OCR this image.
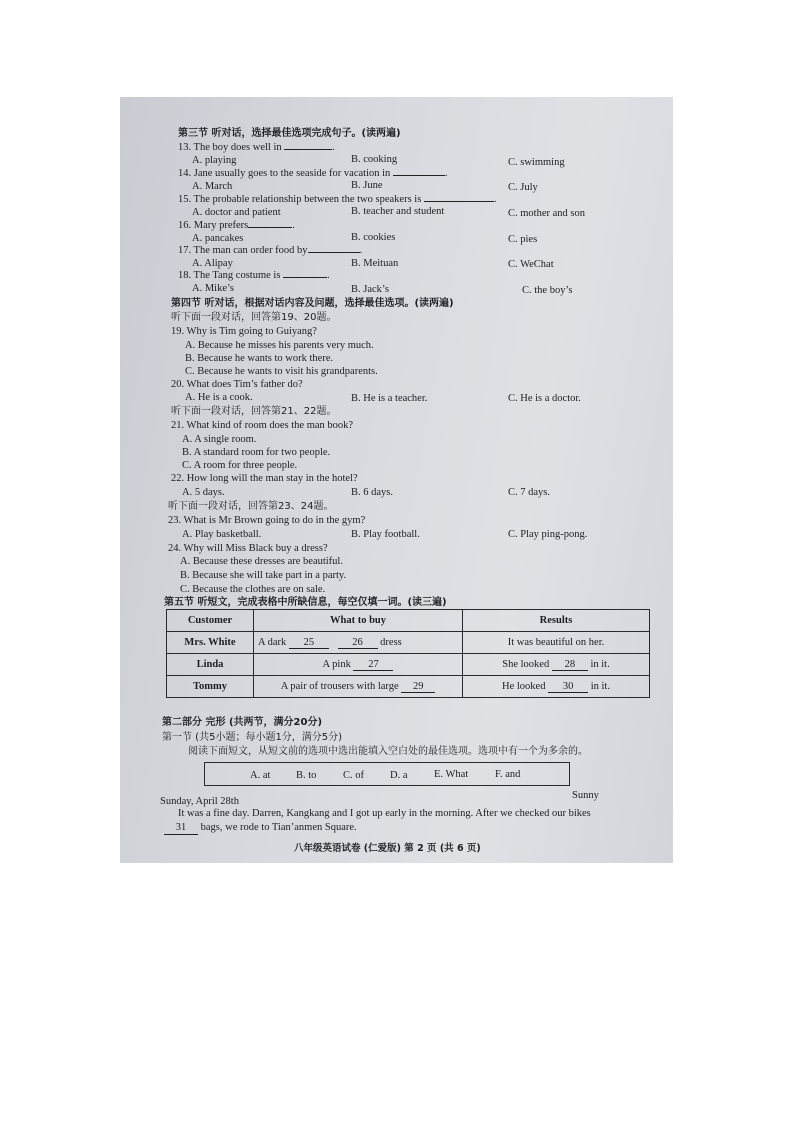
第三节 听对话，选择最佳选项完成句子。(读两遍)
13. The boy does well in	.
A. playing	B. cooking	C. swimming
14. Jane usually goes to the seaside for vacation in	.
A. March	B. June	C. July
15. The probable relationship between the two speakers is	.
A. doctor and patient	B. teacher and student	C. mother and son
16. Mary prefers	.
A. pancakes	B. cookies	C. pies
17. The man can order food by	.
A. Alipay	B. Meituan	C. WeChat
18. The Tang costume is	.
A. Mike’s	B. Jack’s	C. the boy’s
第四节 听对话，根据对话内容及问题，选择最佳选项。(读两遍)
听下面一段对话，回答第19、20题。
19. Why is Tim going to Guiyang?
A. Because he misses his parents very much.
B. Because he wants to work there.
C. Because he wants to visit his grandparents.
20. What does Tim’s father do?
A. He is a cook.	B. He is a teacher.	C. He is a doctor.
听下面一段对话，回答第21、22题。
21. What kind of room does the man book?
A. A single room.
B. A standard room for two people.
C. A room for three people.
22. How long will the man stay in the hotel?
A. 5 days.	B. 6 days.	C. 7 days.
听下面一段对话，回答第23、24题。
23. What is Mr Brown going to do in the gym?
A. Play basketball.	B. Play football.	C. Play ping-pong.
24. Why will Miss Black buy a dress?
A. Because these dresses are beautiful.
B. Because she will take part in a party.
C. Because the clothes are on sale.
第五节 听短文，完成表格中所缺信息，每空仅填一词。(读三遍)
Customer	What to buy	Results
Mrs. White	A dark 25 26 dress	It was beautiful on her.
Linda	A pink 27	She looked 28 in it.
Tommy	A pair of trousers with large 29	He looked 30 in it.
第二部分 完形 (共两节，满分20分)
第一节 (共5小题；每小题1分，满分5分)
阅读下面短文，从短文前的选项中选出能填入空白处的最佳选项。选项中有一个为多余的。
A. at B. to	C. of D. a	E. What	F. and
Sunny
Sunday, April 28th
It was a fine day. Darren, Kangkang and I got up early in the morning. After we checked our bikes
31 bags, we rode to Tian’anmen Square.
八年级英语试卷 (仁爱版) 第 2 页 (共 6 页)
